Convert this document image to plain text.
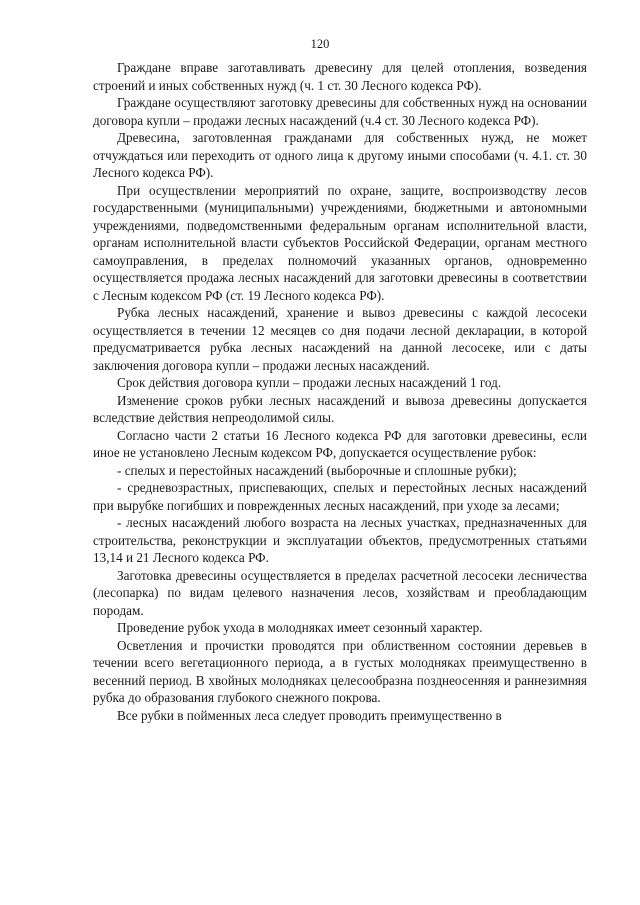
120

Граждане вправе заготавливать древесину для целей отопления, возведения строений и иных собственных нужд (ч. 1 ст. 30 Лесного кодекса РФ).

Граждане осуществляют заготовку древесины для собственных нужд на основании договора купли – продажи лесных насаждений (ч.4 ст. 30 Лесного кодекса РФ).

Древесина, заготовленная гражданами для собственных нужд, не может отчуждаться или переходить от одного лица к другому иными способами (ч. 4.1. ст. 30 Лесного кодекса РФ).

При осуществлении мероприятий по охране, защите, воспроизводству лесов государственными (муниципальными) учреждениями, бюджетными и автономными учреждениями, подведомственными федеральным органам исполнительной власти, органам исполнительной власти субъектов Российской Федерации, органам местного самоуправления, в пределах полномочий указанных органов, одновременно осуществляется продажа лесных насаждений для заготовки древесины в соответствии с Лесным кодексом РФ (ст. 19 Лесного кодекса РФ).

Рубка лесных насаждений, хранение и вывоз древесины с каждой лесосеки осуществляется в течении 12 месяцев со дня подачи лесной декларации, в которой предусматривается рубка лесных насаждений на данной лесосеке, или с даты заключения договора купли – продажи лесных насаждений.

Срок действия договора купли – продажи лесных насаждений 1 год.

Изменение сроков рубки лесных насаждений и вывоза древесины допускается вследствие действия непреодолимой силы.

Согласно части 2 статьи 16 Лесного кодекса РФ для заготовки древесины, если иное не установлено Лесным кодексом РФ, допускается осуществление рубок:

- спелых и перестойных насаждений (выборочные и сплошные рубки);

- средневозрастных, приспевающих, спелых и перестойных лесных насаждений при вырубке погибших и поврежденных лесных насаждений, при уходе за лесами;

- лесных насаждений любого возраста на лесных участках, предназначенных для строительства, реконструкции и эксплуатации объектов, предусмотренных статьями 13,14 и 21 Лесного кодекса РФ.

Заготовка древесины осуществляется в пределах расчетной лесосеки лесничества (лесопарка) по видам целевого назначения лесов, хозяйствам и преобладающим породам.

Проведение рубок ухода в молодняках имеет сезонный характер.

Осветления и прочистки проводятся при облиственном состоянии деревьев в течении всего вегетационного периода, а в густых молодняках преимущественно в весенний период. В хвойных молодняках целесообразна позднеосенняя и раннезимняя рубка до образования глубокого снежного покрова.

Все рубки в пойменных леса следует проводить преимущественно в
